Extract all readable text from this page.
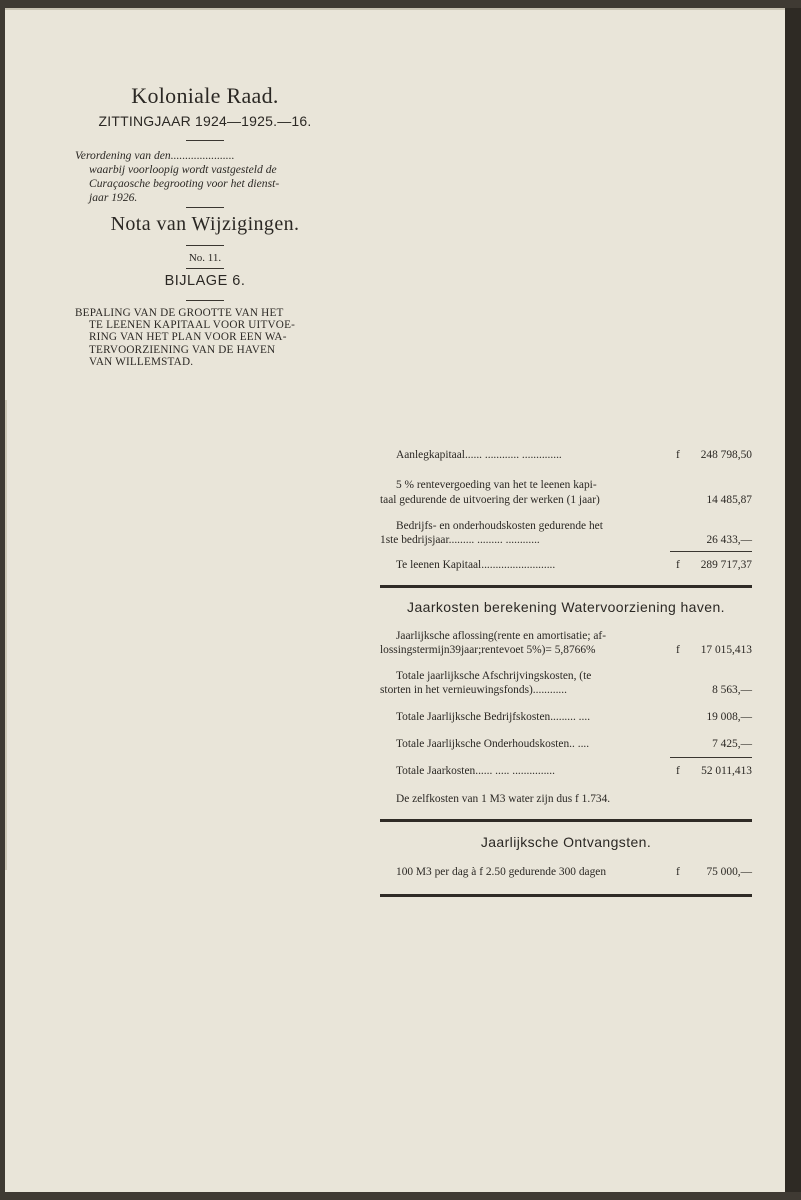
Koloniale Raad.
ZITTINGJAAR 1924—1925.—16.
Verordening van den......................
waarbij voorloopig wordt vastgesteld de
Curaçaosche begrooting voor het dienst-
jaar 1926.
Nota van Wijzigingen.
No. 11.
BIJLAGE 6.
BEPALING VAN DE GROOTTE VAN HET
TE LEENEN KAPITAAL VOOR UITVOE-
RING VAN HET PLAN VOOR EEN WA-
TERVOORZIENING VAN DE HAVEN
VAN WILLEMSTAD.
Aanlegkapitaal...... ............ ..............	f 248 798,50
5 % rentevergoeding van het te leenen kapi-
taal gedurende de uitvoering der werken (1 jaar)	14 485,87
Bedrijfs- en onderhoudskosten gedurende het
1ste bedrijsjaar......... ......... ............	26 433,—
Te leenen Kapitaal..........................	f 289 717,37
Jaarkosten berekening Watervoorziening haven.
Jaarlijksche aflossing(rente en amortisatie; af-
lossingstermijn39jaar;rentevoet 5%)= 5,8766%	f 17 015,413
Totale jaarlijksche Afschrijvingskosten, (te
storten in het vernieuwingsfonds)............	8 563,—
Totale Jaarlijksche Bedrijfskosten......... ....	19 008,—
Totale Jaarlijksche Onderhoudskosten.. ....	7 425,—
Totale Jaarkosten...... ..... ...............	f 52 011,413
De zelfkosten van 1 M3 water zijn dus f 1.734.
Jaarlijksche Ontvangsten.
100 M3 per dag à f 2.50 gedurende 300 dagen	f 75 000,—
